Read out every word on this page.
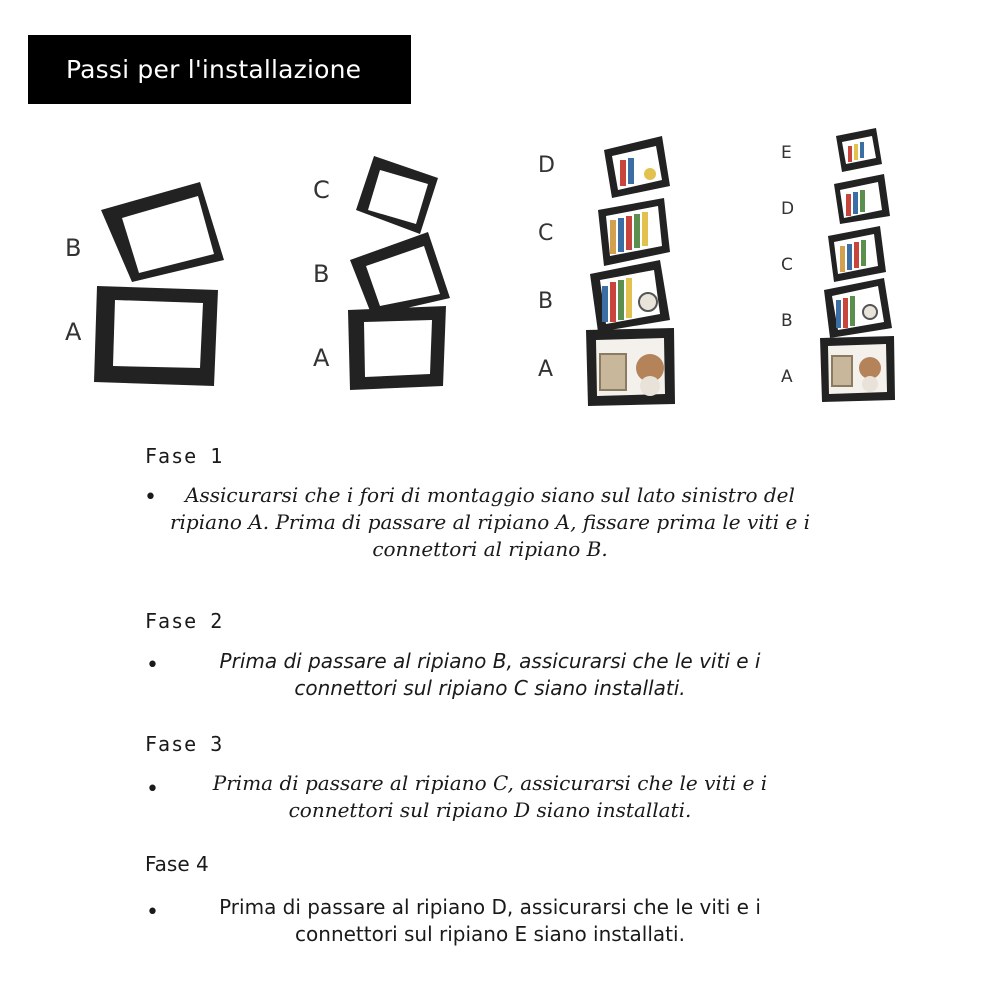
Passi per l'installazione
B
A
C
B
A
D
C
B
A
E
D
C
B
A
Fase 1
•	Assicurarsi che i fori di montaggio siano sul lato sinistro del
ripiano A. Prima di passare al ripiano A, fissare prima le viti e i
connettori al ripiano B.
Fase 2
•	Prima di passare al ripiano B, assicurarsi che le viti e i
connettori sul ripiano C siano installati.
Fase 3
•	Prima di passare al ripiano C, assicurarsi che le viti e i
connettori sul ripiano D siano installati.
Fase 4
•	Prima di passare al ripiano D, assicurarsi che le viti e i
connettori sul ripiano E siano installati.
